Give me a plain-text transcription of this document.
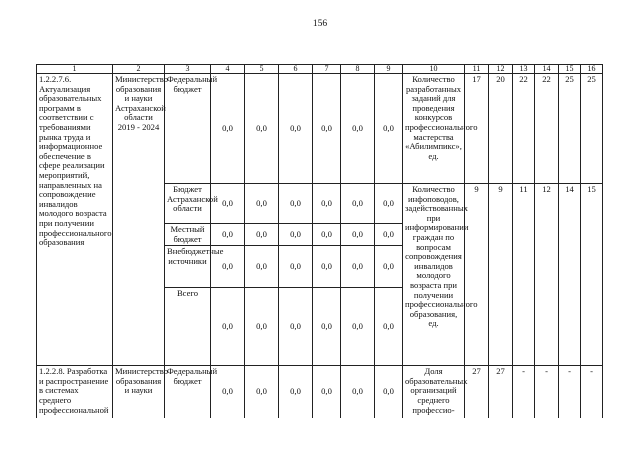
156
1	2	3	4	5	6	7	8	9	10	11	12	13	14	15	16
1.2.2.7.6. Актуализация образовательных программ в соответствии с требованиями рынка труда и информационное обеспечение в сфере реализации мероприятий, направленных на сопровождение инвалидов молодого возраста при получении профессионального образования	Министерство образования и науки Астраханской области 2019 - 2024	Федеральный бюджет	0,0	0,0	0,0	0,0	0,0	0,0	Количество разработанных заданий для проведения конкурсов профессионального мастерства «Абилимпикс», ед.	17	20	22	22	25	25
		Бюджет Астраханской области	0,0	0,0	0,0	0,0	0,0	0,0	Количество инфоповодов, задействованных при информировании граждан по вопросам сопровождения инвалидов молодого возраста при получении профессионального образования, ед.	9	9	11	12	14	15
		Местный бюджет	0,0	0,0	0,0	0,0	0,0	0,0							
		Внебюджетные источники	0,0	0,0	0,0	0,0	0,0	0,0							
		Всего	0,0	0,0	0,0	0,0	0,0	0,0							
1.2.2.8. Разработка и распространение в системах среднего профессиональной	Министерство образования и науки	Федеральный бюджет	0,0	0,0	0,0	0,0	0,0	0,0	Доля образовательных организаций среднего профессио-	27	27	-	-	-	-
